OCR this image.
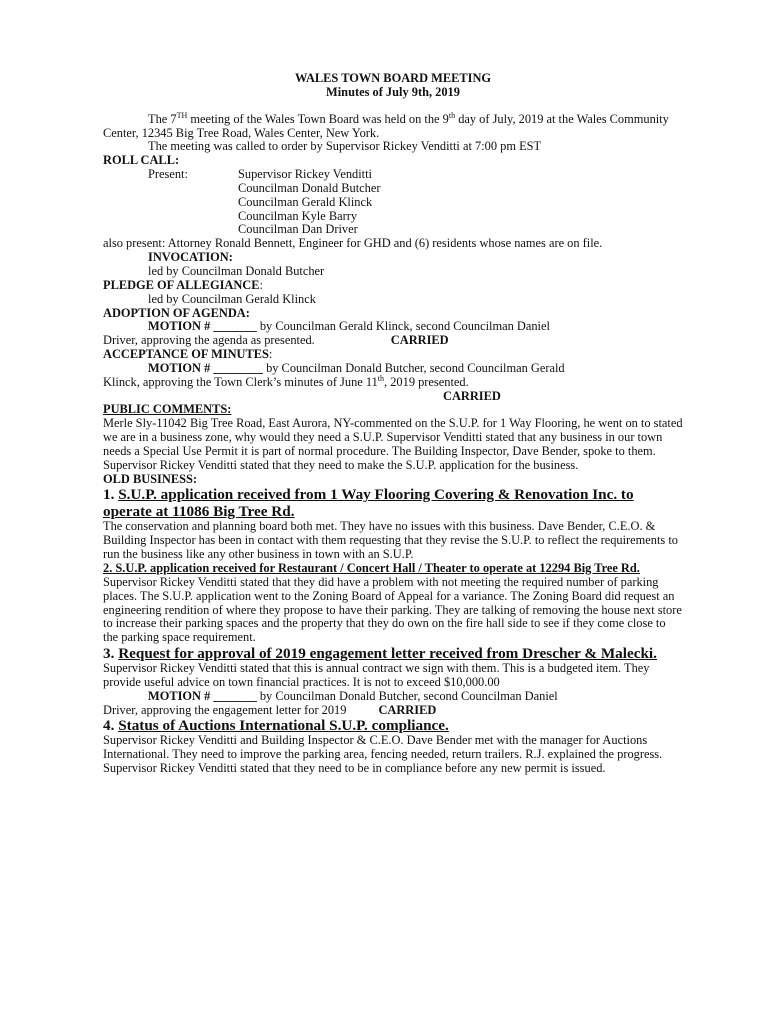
WALES TOWN BOARD MEETING
Minutes of July 9th, 2019
The 7TH meeting of the Wales Town Board was held on the 9th day of July, 2019 at the Wales Community Center, 12345 Big Tree Road, Wales Center, New York.
The meeting was called to order by Supervisor Rickey Venditti at 7:00 pm EST
ROLL CALL:
Present:	Supervisor Rickey Venditti
Councilman Donald Butcher
Councilman Gerald Klinck
Councilman Kyle Barry
Councilman Dan Driver
also present: Attorney Ronald Bennett, Engineer for GHD and (6) residents whose names are on file.
INVOCATION:
led by Councilman Donald Butcher
PLEDGE OF ALLEGIANCE:
led by Councilman Gerald Klinck
ADOPTION OF AGENDA:
MOTION # _______ by Councilman Gerald Klinck, second Councilman Daniel
Driver, approving the agenda as presented.	CARRIED
ACCEPTANCE OF MINUTES:
MOTION # ________ by Councilman Donald Butcher, second Councilman Gerald
Klinck, approving the Town Clerk’s minutes of June 11th, 2019 presented.
CARRIED
PUBLIC COMMENTS:
Merle Sly-11042 Big Tree Road, East Aurora, NY-commented on the S.U.P. for 1 Way Flooring, he went on to stated we are in a business zone, why would they need a S.U.P. Supervisor Venditti stated that any business in our town needs a Special Use Permit it is part of normal procedure. The Building Inspector, Dave Bender, spoke to them. Supervisor Rickey Venditti stated that they need to make the S.U.P. application for the business.
OLD BUSINESS:
1. S.U.P. application received from 1 Way Flooring Covering & Renovation Inc. to operate at 11086 Big Tree Rd.
The conservation and planning board both met. They have no issues with this business. Dave Bender, C.E.O. & Building Inspector has been in contact with them requesting that they revise the S.U.P. to reflect the requirements to run the business like any other business in town with an S.U.P.
2. S.U.P. application received for Restaurant / Concert Hall / Theater to operate at 12294 Big Tree Rd.
Supervisor Rickey Venditti stated that they did have a problem with not meeting the required number of parking places. The S.U.P. application went to the Zoning Board of Appeal for a variance. The Zoning Board did request an engineering rendition of where they propose to have their parking. They are talking of removing the house next store to increase their parking spaces and the property that they do own on the fire hall side to see if they come close to the parking space requirement.
3. Request for approval of 2019 engagement letter received from Drescher & Malecki.
Supervisor Rickey Venditti stated that this is annual contract we sign with them. This is a budgeted item. They provide useful advice on town financial practices. It is not to exceed $10,000.00
MOTION # _______ by Councilman Donald Butcher, second Councilman Daniel
Driver, approving the engagement letter for 2019	CARRIED
4. Status of Auctions International S.U.P. compliance.
Supervisor Rickey Venditti and Building Inspector & C.E.O. Dave Bender met with the manager for Auctions International. They need to improve the parking area, fencing needed, return trailers. R.J. explained the progress. Supervisor Rickey Venditti stated that they need to be in compliance before any new permit is issued.
